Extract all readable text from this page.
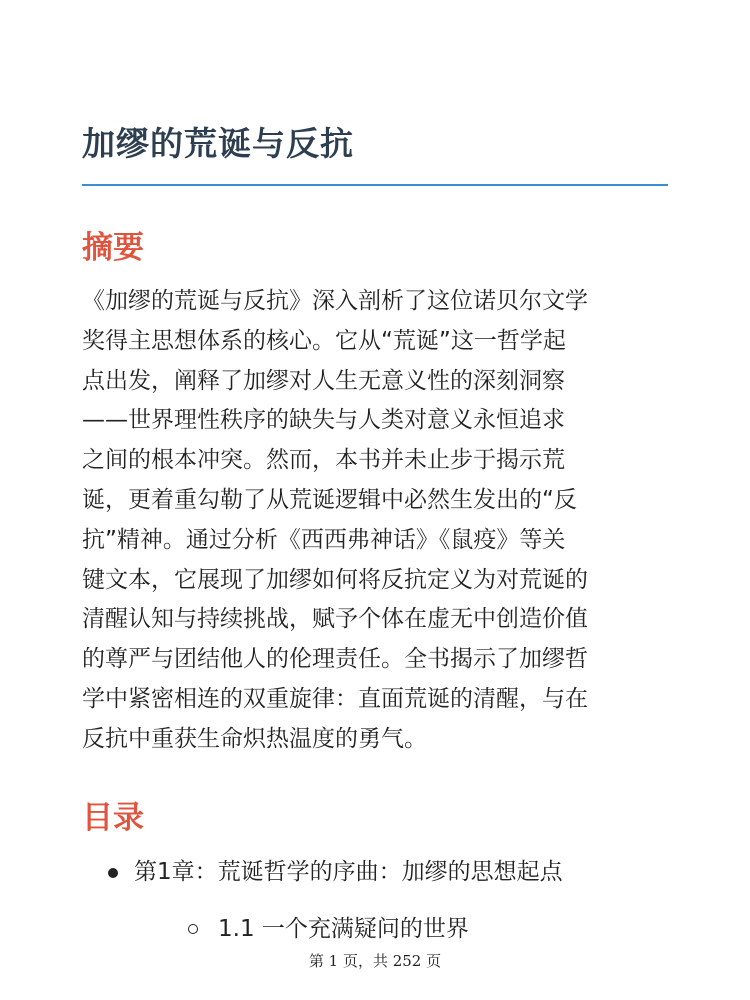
加缪的荒诞与反抗
摘要

《加缪的荒诞与反抗》深入剖析了这位诺贝尔文学
奖得主思想体系的核心。它从“荒诞”这一哲学起
点出发，阐释了加缪对人生无意义性的深刻洞察
——世界理性秩序的缺失与人类对意义永恒追求
之间的根本冲突。然而，本书并未止步于揭示荒
诞，更着重勾勒了从荒诞逻辑中必然生发出的“反
抗”精神。通过分析《西西弗神话》《鼠疫》等关
键文本，它展现了加缪如何将反抗定义为对荒诞的
清醒认知与持续挑战，赋予个体在虚无中创造价值
的尊严与团结他人的伦理责任。全书揭示了加缪哲
学中紧密相连的双重旋律：直面荒诞的清醒，与在
反抗中重获生命炽热温度的勇气。

目录
第1章：荒诞哲学的序曲：加缪的思想起点
1.1 一个充满疑问的世界
第 1 页，共 252 页
